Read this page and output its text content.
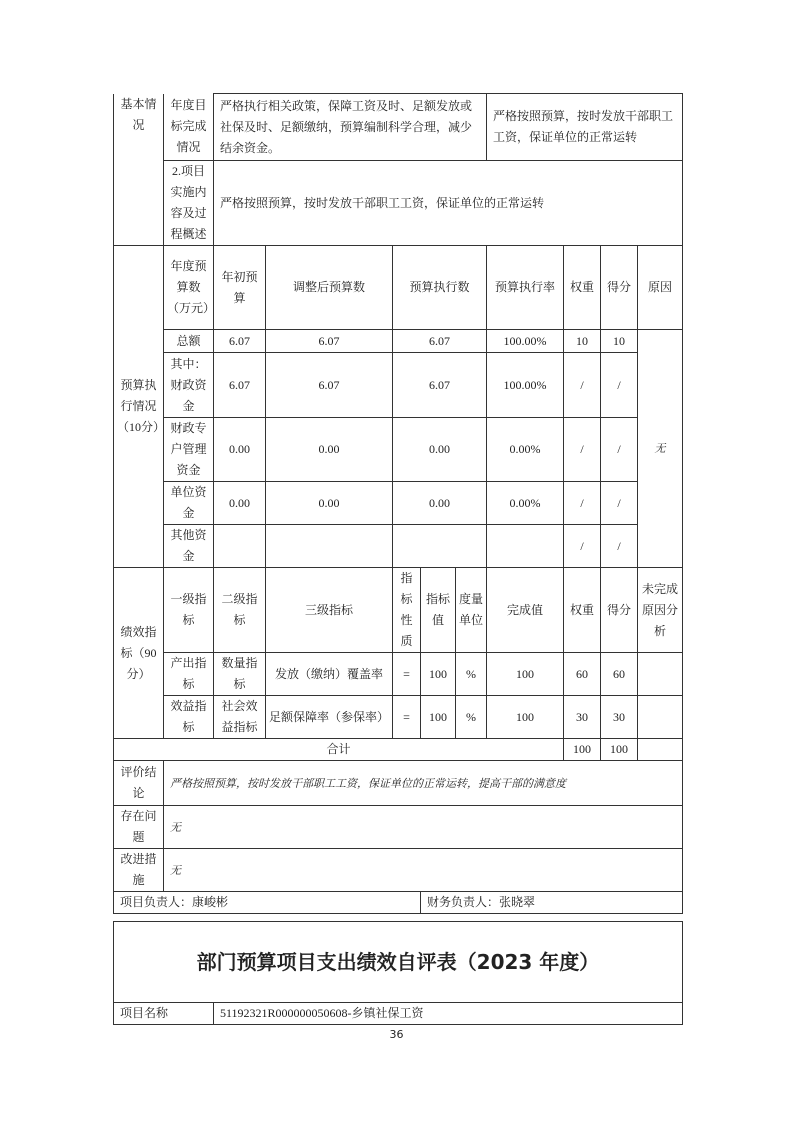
基本情况	年度目标完成情况	严格执行相关政策，保障工资及时、足额发放或社保及时、足额缴纳，预算编制科学合理，减少结余资金。					严格按照预算，按时发放干部职工工资，保证单位的正常运转			
	2.项目实施内容及过程概述	严格按照预算，按时发放干部职工工资，保证单位的正常运转								
预算执行情况（10分）	年度预算数（万元）	年初预算	调整后预算数	预算执行数			预算执行率	权重	得分	原因
	总额	6.07	6.07	6.07			100.00%	10	10	无
	其中：财政资金	6.07	6.07	6.07			100.00%	/	/	
	财政专户管理资金	0.00	0.00	0.00			0.00%	/	/	
	单位资金	0.00	0.00	0.00			0.00%	/	/	
	其他资金							/	/	
绩效指标（90分）	一级指标	二级指标	三级指标	指标性质	指标值	度量单位	完成值	权重	得分	未完成原因分析
	产出指标	数量指标	发放（缴纳）覆盖率	=	100	%	100	60	60	
	效益指标	社会效益指标	足额保障率（参保率）	=	100	%	100	30	30	
合计								100	100	
评价结论	严格按照预算，按时发放干部职工工资，保证单位的正常运转，提高干部的满意度									
存在问题	无									
改进措施	无									
项目负责人：康峻彬					财务负责人：张晓翠					
部门预算项目支出绩效自评表（2023 年度）
项目名称	51192321R000000050608-乡镇社保工资
36
